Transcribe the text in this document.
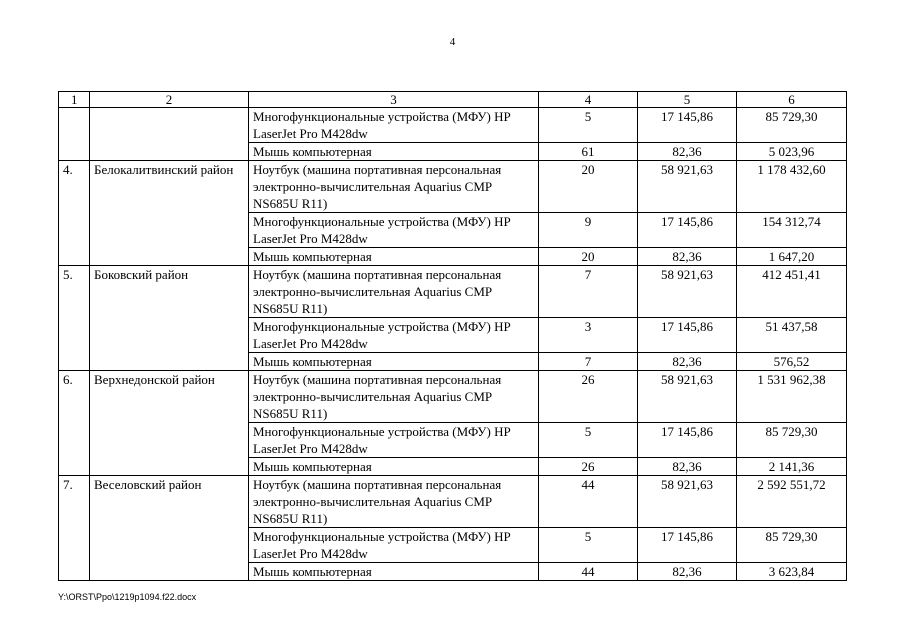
4
1	2	3	4	5	6
		Многофункциональные устройства (МФУ) HP LaserJet Pro M428dw	5	17 145,86	85 729,30
		Мышь компьютерная	61	82,36	5 023,96
4.	Белокалитвинский район	Ноутбук (машина портативная персональная электронно-вычислительная Aquarius CMP NS685U R11)	20	58 921,63	1 178 432,60
		Многофункциональные устройства (МФУ) HP LaserJet Pro M428dw	9	17 145,86	154 312,74
		Мышь компьютерная	20	82,36	1 647,20
5.	Боковский район	Ноутбук (машина портативная персональная электронно-вычислительная Aquarius CMP NS685U R11)	7	58 921,63	412 451,41
		Многофункциональные устройства (МФУ) HP LaserJet Pro M428dw	3	17 145,86	51 437,58
		Мышь компьютерная	7	82,36	576,52
6.	Верхнедонской район	Ноутбук (машина портативная персональная электронно-вычислительная Aquarius CMP NS685U R11)	26	58 921,63	1 531 962,38
		Многофункциональные устройства (МФУ) HP LaserJet Pro M428dw	5	17 145,86	85 729,30
		Мышь компьютерная	26	82,36	2 141,36
7.	Веселовский район	Ноутбук (машина портативная персональная электронно-вычислительная Aquarius CMP NS685U R11)	44	58 921,63	2 592 551,72
		Многофункциональные устройства (МФУ) HP LaserJet Pro M428dw	5	17 145,86	85 729,30
		Мышь компьютерная	44	82,36	3 623,84
Y:\ORST\Ppo\1219p1094.f22.docx
